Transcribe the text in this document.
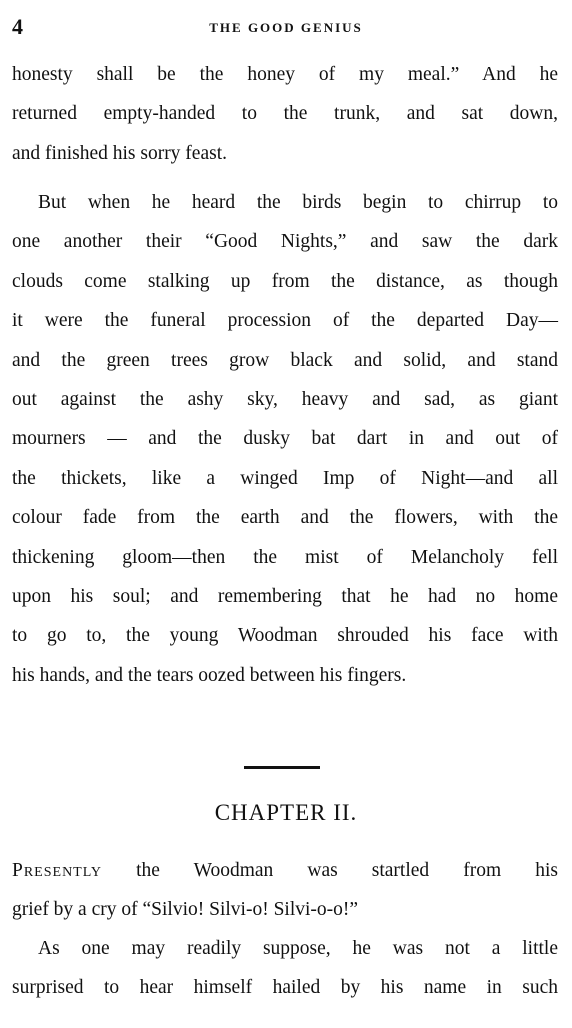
4	THE GOOD GENIUS
honesty shall be the honey of my meal.” And he
returned empty-handed to the trunk, and sat down,
and finished his sorry feast.
But when he heard the birds begin to chirrup to
one another their “Good Nights,” and saw the dark
clouds come stalking up from the distance, as though
it were the funeral procession of the departed Day—
and the green trees grow black and solid, and stand
out against the ashy sky, heavy and sad, as giant
mourners — and the dusky bat dart in and out of
the thickets, like a winged Imp of Night—and all
colour fade from the earth and the flowers, with the
thickening gloom—then the mist of Melancholy fell
upon his soul; and remembering that he had no home
to go to, the young Woodman shrouded his face with
his hands, and the tears oozed between his fingers.
CHAPTER II.
Presently the Woodman was startled from his
grief by a cry of “Silvio! Silvi-o! Silvi-o-o!”
As one may readily suppose, he was not a little
surprised to hear himself hailed by his name in such
